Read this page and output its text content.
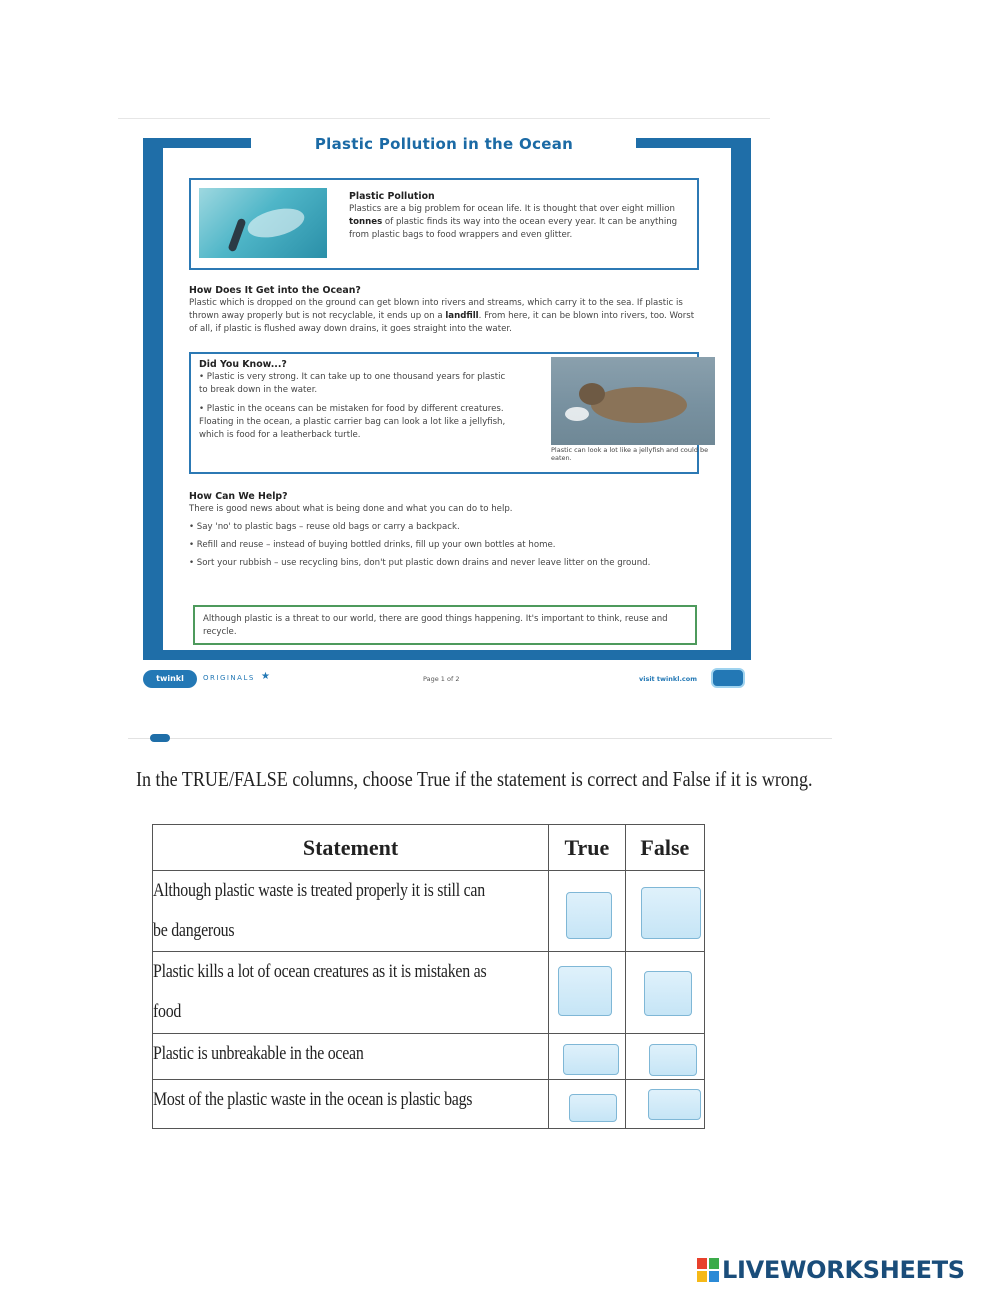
Plastic Pollution in the Ocean
Plastic Pollution
Plastics are a big problem for ocean life. It is thought that over eight million tonnes of plastic finds its way into the ocean every year. It can be anything from plastic bags to food wrappers and even glitter.
How Does It Get into the Ocean?
Plastic which is dropped on the ground can get blown into rivers and streams, which carry it to the sea. If plastic is thrown away properly but is not recyclable, it ends up on a landfill. From here, it can be blown into rivers, too. Worst of all, if plastic is flushed away down drains, it goes straight into the water.
Did You Know...?
• Plastic is very strong. It can take up to one thousand years for plastic to break down in the water.
• Plastic in the oceans can be mistaken for food by different creatures. Floating in the ocean, a plastic carrier bag can look a lot like a jellyfish, which is food for a leatherback turtle.
Plastic can look a lot like a jellyfish and could be eaten.
How Can We Help?
There is good news about what is being done and what you can do to help.
• Say 'no' to plastic bags – reuse old bags or carry a backpack.
• Refill and reuse – instead of buying bottled drinks, fill up your own bottles at home.
• Sort your rubbish – use recycling bins, don't put plastic down drains and never leave litter on the ground.
Although plastic is a threat to our world, there are good things happening. It's important to think, reuse and recycle.
twinkl	ORIGINALS ★	Page 1 of 2	visit twinkl.com
In the TRUE/FALSE columns, choose True if the statement is correct and False if it is wrong.
Statement	True	False

Although plastic waste is treated properly it is still can be dangerous		

Plastic kills a lot of ocean creatures as it is mistaken as food		

Plastic is unbreakable in the ocean		

Most of the plastic waste in the ocean is plastic bags		

LIVEWORKSHEETS
